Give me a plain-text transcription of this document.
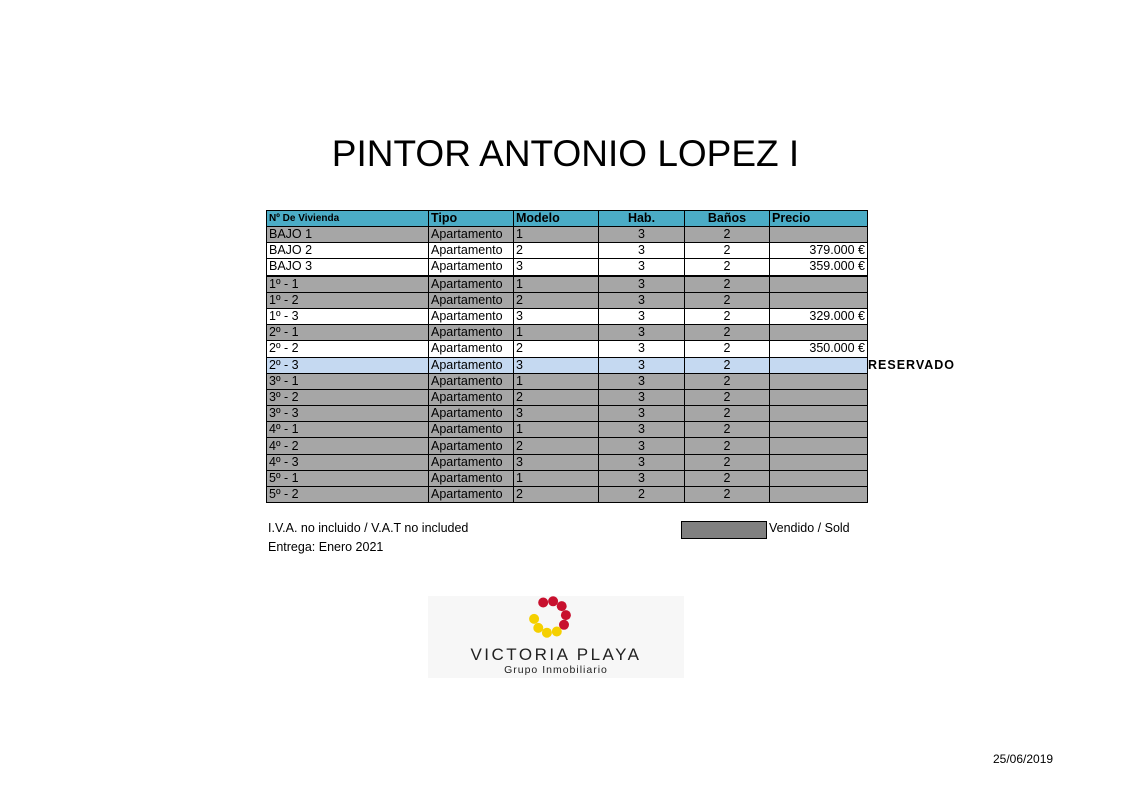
PINTOR ANTONIO LOPEZ I
Nº De Vivienda	Tipo	Modelo	Hab.	Baños	Precio
BAJO 1	Apartamento	1	3	2	
BAJO 2	Apartamento	2	3	2	379.000 €
BAJO 3	Apartamento	3	3	2	359.000 €
1º - 1	Apartamento	1	3	2	
1º - 2	Apartamento	2	3	2	
1º - 3	Apartamento	3	3	2	329.000 €
2º - 1	Apartamento	1	3	2	
2º - 2	Apartamento	2	3	2	350.000 €
2º - 3	Apartamento	3	3	2	
3º - 1	Apartamento	1	3	2	
3º - 2	Apartamento	2	3	2	
3º - 3	Apartamento	3	3	2	
4º - 1	Apartamento	1	3	2	
4º - 2	Apartamento	2	3	2	
4º - 3	Apartamento	3	3	2	
5º - 1	Apartamento	1	3	2	
5º - 2	Apartamento	2	2	2	
RESERVADO
I.V.A. no incluido / V.A.T no included
Entrega: Enero 2021
Vendido / Sold
VICTORIA PLAYA
Grupo Inmobiliario
25/06/2019
